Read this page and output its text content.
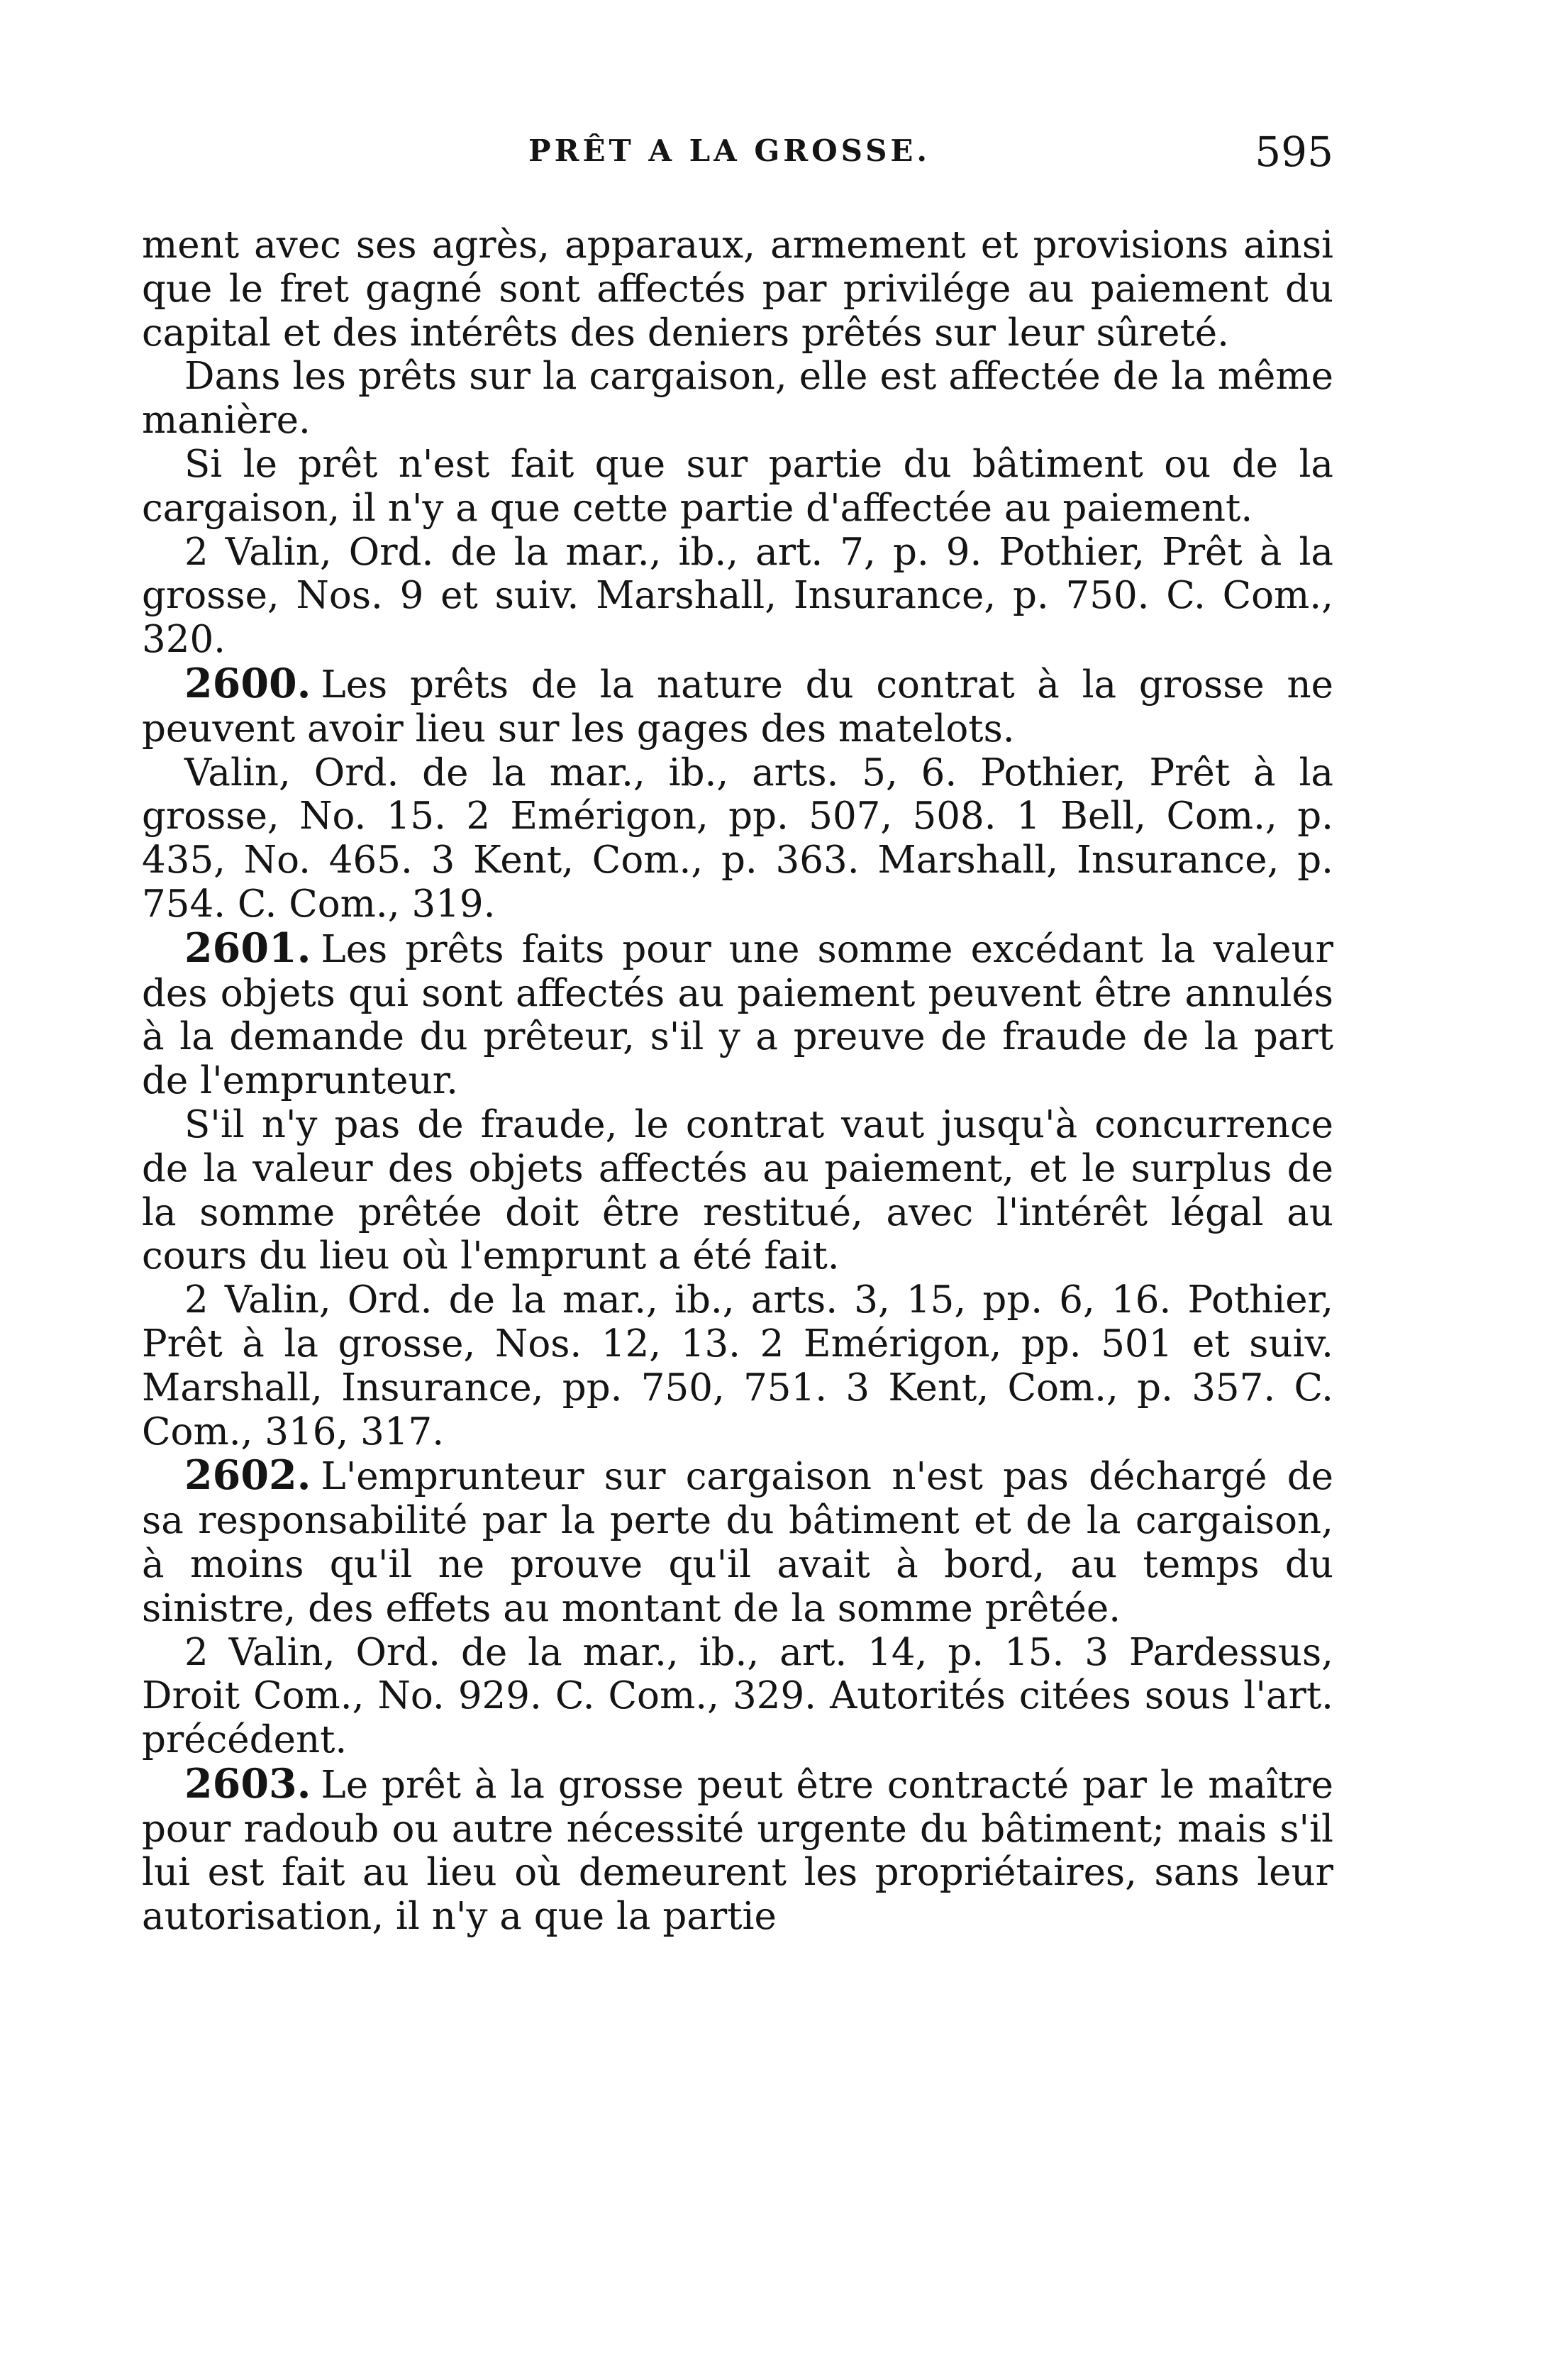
PRÊT A LA GROSSE.	595

ment avec ses agrès, apparaux, armement et provisions ainsi que le fret gagné sont affectés par privilége au paiement du capital et des intérêts des deniers prêtés sur leur sûreté.

Dans les prêts sur la cargaison, elle est affectée de la même manière.

Si le prêt n'est fait que sur partie du bâtiment ou de la cargaison, il n'y a que cette partie d'affectée au paiement.

2 Valin, Ord. de la mar., ib., art. 7, p. 9. Pothier, Prêt à la grosse, Nos. 9 et suiv. Marshall, Insurance, p. 750. C. Com., 320.

2600. Les prêts de la nature du contrat à la grosse ne peuvent avoir lieu sur les gages des matelots.

Valin, Ord. de la mar., ib., arts. 5, 6. Pothier, Prêt à la grosse, No. 15. 2 Emérigon, pp. 507, 508. 1 Bell, Com., p. 435, No. 465. 3 Kent, Com., p. 363. Marshall, Insurance, p. 754. C. Com., 319.

2601. Les prêts faits pour une somme excédant la valeur des objets qui sont affectés au paiement peuvent être annulés à la demande du prêteur, s'il y a preuve de fraude de la part de l'emprunteur.

S'il n'y pas de fraude, le contrat vaut jusqu'à concurrence de la valeur des objets affectés au paiement, et le surplus de la somme prêtée doit être restitué, avec l'intérêt légal au cours du lieu où l'emprunt a été fait.

2 Valin, Ord. de la mar., ib., arts. 3, 15, pp. 6, 16. Pothier, Prêt à la grosse, Nos. 12, 13. 2 Emérigon, pp. 501 et suiv. Marshall, Insurance, pp. 750, 751. 3 Kent, Com., p. 357. C. Com., 316, 317.

2602. L'emprunteur sur cargaison n'est pas déchargé de sa responsabilité par la perte du bâtiment et de la cargaison, à moins qu'il ne prouve qu'il avait à bord, au temps du sinistre, des effets au montant de la somme prêtée.

2 Valin, Ord. de la mar., ib., art. 14, p. 15. 3 Pardessus, Droit Com., No. 929. C. Com., 329. Autorités citées sous l'art. précédent.

2603. Le prêt à la grosse peut être contracté par le maître pour radoub ou autre nécessité urgente du bâtiment; mais s'il lui est fait au lieu où demeurent les propriétaires, sans leur autorisation, il n'y a que la partie
